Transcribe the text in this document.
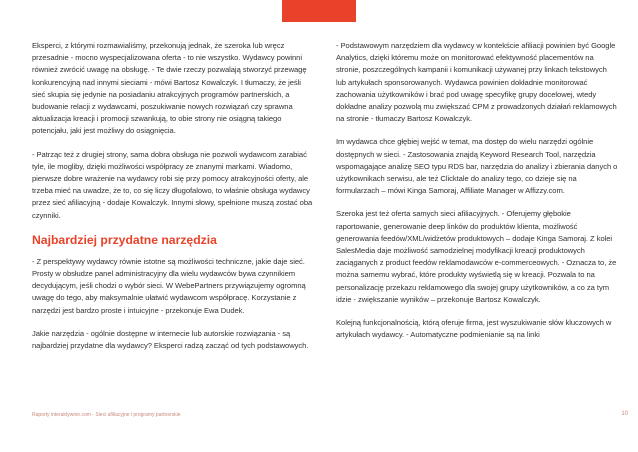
Eksperci, z którymi rozmawialiśmy, przekonują jednak, że szeroka lub wręcz przesadnie - mocno wyspecjalizowana oferta - to nie wszystko. Wydawcy powinni również zwrócić uwagę na obsługę. - Te dwie rzeczy pozwalają stworzyć przewagę konkurencyjną nad innymi sieciami - mówi Bartosz Kowalczyk. I tłumaczy, że jeśli sieć skupia się jedynie na posiadaniu atrakcyjnych programów partnerskich, a budowanie relacji z wydawcami, poszukiwanie nowych rozwiązań czy sprawna aktualizacja kreacji i promocji szwankują, to obie strony nie osiągną takiego potencjału, jaki jest możliwy do osiągnięcia.

- Patrząc też z drugiej strony, sama dobra obsługa nie pozwoli wydawcom zarabiać tyle, ile mogliby, dzięki możliwości współpracy ze znanymi markami. Wiadomo, pierwsze dobre wrażenie na wydawcy robi się przy pomocy atrakcyjności oferty, ale trzeba mieć na uwadze, że to, co się liczy długofalowo, to właśnie obsługa wydawcy przez sieć afiliacyjną - dodaje Kowalczyk. Innymi słowy, spełnione muszą zostać oba czynniki.

Najbardziej przydatne narzędzia

- Z perspektywy wydawcy równie istotne są możliwości techniczne, jakie daje sieć. Prosty w obsłudze panel administracyjny dla wielu wydawców bywa czynnikiem decydującym, jeśli chodzi o wybór sieci. W WebePartners przywiązujemy ogromną uwagę do tego, aby maksymalnie ułatwić wydawcom współpracę. Korzystanie z narzędzi jest bardzo proste i intuicyjne - przekonuje Ewa Dudek.

Jakie narzędzia - ogólnie dostępne w internecie lub autorskie rozwiązania - są najbardziej przydatne dla wydawcy? Eksperci radzą zacząć od tych podstawowych.

- Podstawowym narzędziem dla wydawcy w kontekście afiliacji powinien być Google Analytics, dzięki któremu może on monitorować efektywność placementów na stronie, poszczególnych kampanii i komunikacji używanej przy linkach tekstowych lub artykułach sponsorowanych. Wydawca powinien dokładnie monitorować zachowania użytkowników i brać pod uwagę specyfikę grupy docelowej, wtedy dokładne analizy pozwolą mu zwiększać CPM z prowadzonych działań reklamowych na stronie - tłumaczy Bartosz Kowalczyk.

Im wydawca chce głębiej wejść w temat, ma dostęp do wielu narzędzi ogólnie dostępnych w sieci. - Zastosowania znajdą Keyword Research Tool, narzędzia wspomagające analizę SEO typu RDS bar, narzędzia do analizy i zbierania danych o użytkownikach serwisu, ale też Clicktale do analizy tego, co dzieje się na formularzach – mówi Kinga Samoraj, Affiliate Manager w Affizzy.com.

Szeroka jest też oferta samych sieci afiliacyjnych. - Oferujemy głębokie raportowanie, generowanie deep linków do produktów klienta, możliwość generowania feedów/XML/widżetów produktowych – dodaje Kinga Samoraj. Z kolei SalesMedia daje możliwość samodzielnej modyfikacji kreacji produktowych zaciąganych z product feedów reklamodawców e-commerceowych. - Oznacza to, że można samemu wybrać, które produkty wyświetlą się w kreacji. Pozwala to na personalizację przekazu reklamowego dla swojej grupy użytkowników, a co za tym idzie - zwiększanie wyników – przekonuje Bartosz Kowalczyk.

Kolejną funkcjonalnością, którą oferuje firma, jest wyszukiwanie słów kluczowych w artykułach wydawcy. - Automatyczne podmienianie są na linki

Raporty interaktywnie.com - Sieci afiliacyjne i programy partnerskie	10
